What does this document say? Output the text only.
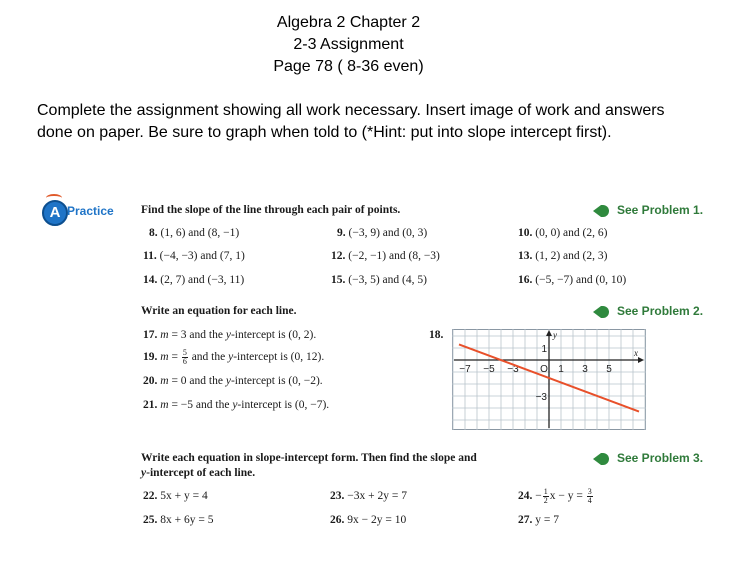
Algebra 2 Chapter 2
2-3 Assignment
Page 78 ( 8-36 even)
Complete the assignment showing all work necessary. Insert image of work and answers done on paper. Be sure to graph when told to (*Hint: put into slope intercept first).
A Practice Find the slope of the line through each pair of points.	See Problem 1.
8. (1, 6) and (8, −1)	9. (−3, 9) and (0, 3)	10. (0, 0) and (2, 6)
11. (−4, −3) and (7, 1)	12. (−2, −1) and (8, −3)	13. (1, 2) and (2, 3)
14. (2, 7) and (−3, 11)	15. (−3, 5) and (4, 5)	16. (−5, −7) and (0, 10)
Write an equation for each line.	See Problem 2.
17. m = 3 and the y-intercept is (0, 2).
19. $m = \frac{5}{6}$ and the y-intercept is (0, 12).
20. m = 0 and the y-intercept is (0, −2).
21. m = −5 and the y-intercept is (0, −7).
18.
−7 −5 −3 O 1 3 5
1
−3
x
y
Write each equation in slope-intercept form. Then find the slope and
y-intercept of each line.
See Problem 3.
22. 5x + y = 4	23. −3x + 2y = 7	24. − $\frac{1}{2}$ $x - y = \frac{3}{4}$
25. 8x + 6y = 5	26. 9x − 2y = 10	27. y = 7
